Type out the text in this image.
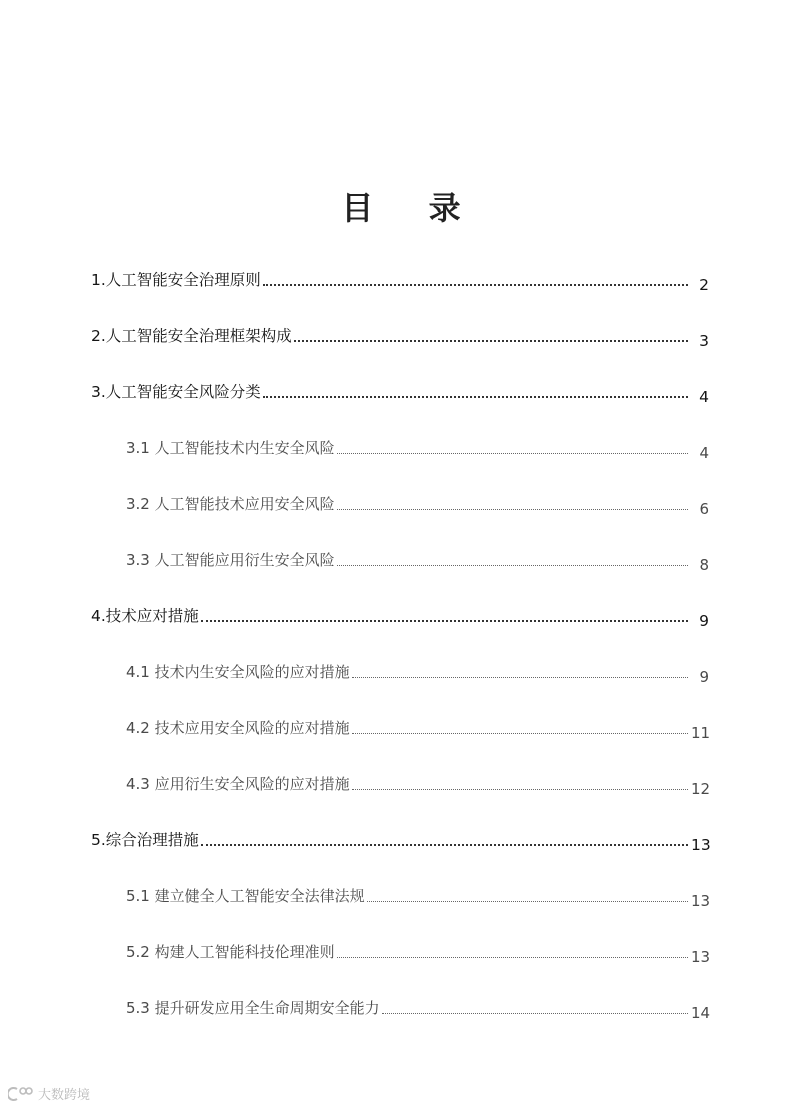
目 录
1.人工智能安全治理原则	2
2.人工智能安全治理框架构成	3
3.人工智能安全风险分类	4
3.1 人工智能技术内生安全风险	4
3.2 人工智能技术应用安全风险	6
3.3 人工智能应用衍生安全风险	8
4.技术应对措施	9
4.1 技术内生安全风险的应对措施	9
4.2 技术应用安全风险的应对措施	11
4.3 应用衍生安全风险的应对措施	12
5.综合治理措施	13
5.1 建立健全人工智能安全法律法规	13
5.2 构建人工智能科技伦理准则	13
5.3 提升研发应用全生命周期安全能力	14
大数跨境
